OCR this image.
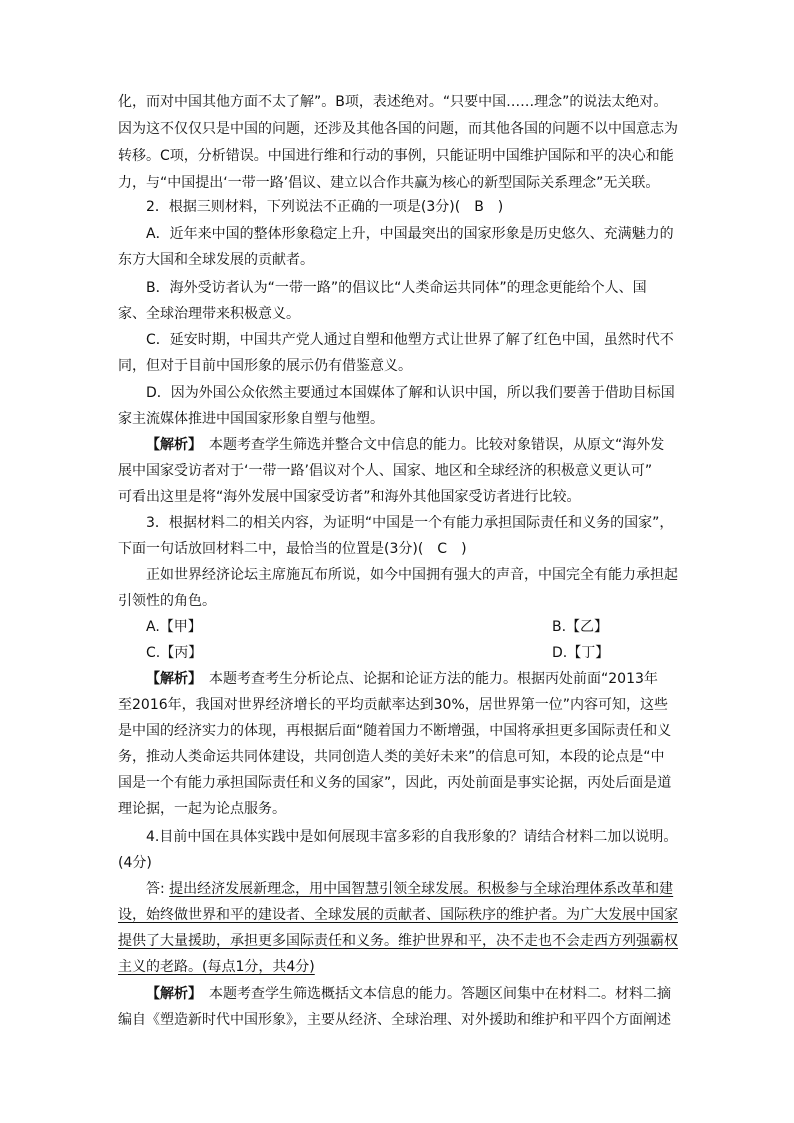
化，而对中国其他方面不太了解”。B项，表述绝对。“只要中国……理念”的说法太绝对。
因为这不仅仅只是中国的问题，还涉及其他各国的问题，而其他各国的问题不以中国意志为
转移。C项，分析错误。中国进行维和行动的事例，只能证明中国维护国际和平的决心和能
力，与“中国提出‘一带一路’倡议、建立以合作共赢为核心的新型国际关系理念”无关联。
2．根据三则材料，下列说法不正确的一项是(3分)(　B　)
A．近年来中国的整体形象稳定上升，中国最突出的国家形象是历史悠久、充满魅力的
东方大国和全球发展的贡献者。
B．海外受访者认为“一带一路”的倡议比“人类命运共同体”的理念更能给个人、国
家、全球治理带来积极意义。
C．延安时期，中国共产党人通过自塑和他塑方式让世界了解了红色中国，虽然时代不
同，但对于目前中国形象的展示仍有借鉴意义。
D．因为外国公众依然主要通过本国媒体了解和认识中国，所以我们要善于借助目标国
家主流媒体推进中国国家形象自塑与他塑。
【解析】　 本题考查学生筛选并整合文中信息的能力。比较对象错误，从原文“海外发
展中国家受访者对于‘一带一路’倡议对个人、国家、地区和全球经济的积极意义更认可”
可看出这里是将“海外发展中国家受访者”和海外其他国家受访者进行比较。
3．根据材料二的相关内容，为证明“中国是一个有能力承担国际责任和义务的国家”，
下面一句话放回材料二中，最恰当的位置是(3分)(　C　)
正如世界经济论坛主席施瓦布所说，如今中国拥有强大的声音，中国完全有能力承担起
引领性的角色。
A.【甲】	B.【乙】
C.【丙】	D.【丁】
【解析】　 本题考查考生分析论点、论据和论证方法的能力。根据丙处前面“2013年
至2016年，我国对世界经济增长的平均贡献率达到30%，居世界第一位”内容可知，这些
是中国的经济实力的体现，再根据后面“随着国力不断增强，中国将承担更多国际责任和义
务，推动人类命运共同体建设，共同创造人类的美好未来”的信息可知，本段的论点是“中
国是一个有能力承担国际责任和义务的国家”，因此，丙处前面是事实论据，丙处后面是道
理论据，一起为论点服务。
4.目前中国在具体实践中是如何展现丰富多彩的自我形象的？请结合材料二加以说明。
(4分)
答: 提出经济发展新理念，用中国智慧引领全球发展。积极参与全球治理体系改革和建
设，始终做世界和平的建设者、全球发展的贡献者、国际秩序的维护者。为广大发展中国家
提供了大量援助，承担更多国际责任和义务。维护世界和平，决不走也不会走西方列强霸权
主义的老路。(每点1分，共4分)
【解析】　 本题考查学生筛选概括文本信息的能力。答题区间集中在材料二。材料二摘
编自《塑造新时代中国形象》，主要从经济、全球治理、对外援助和维护和平四个方面阐述
